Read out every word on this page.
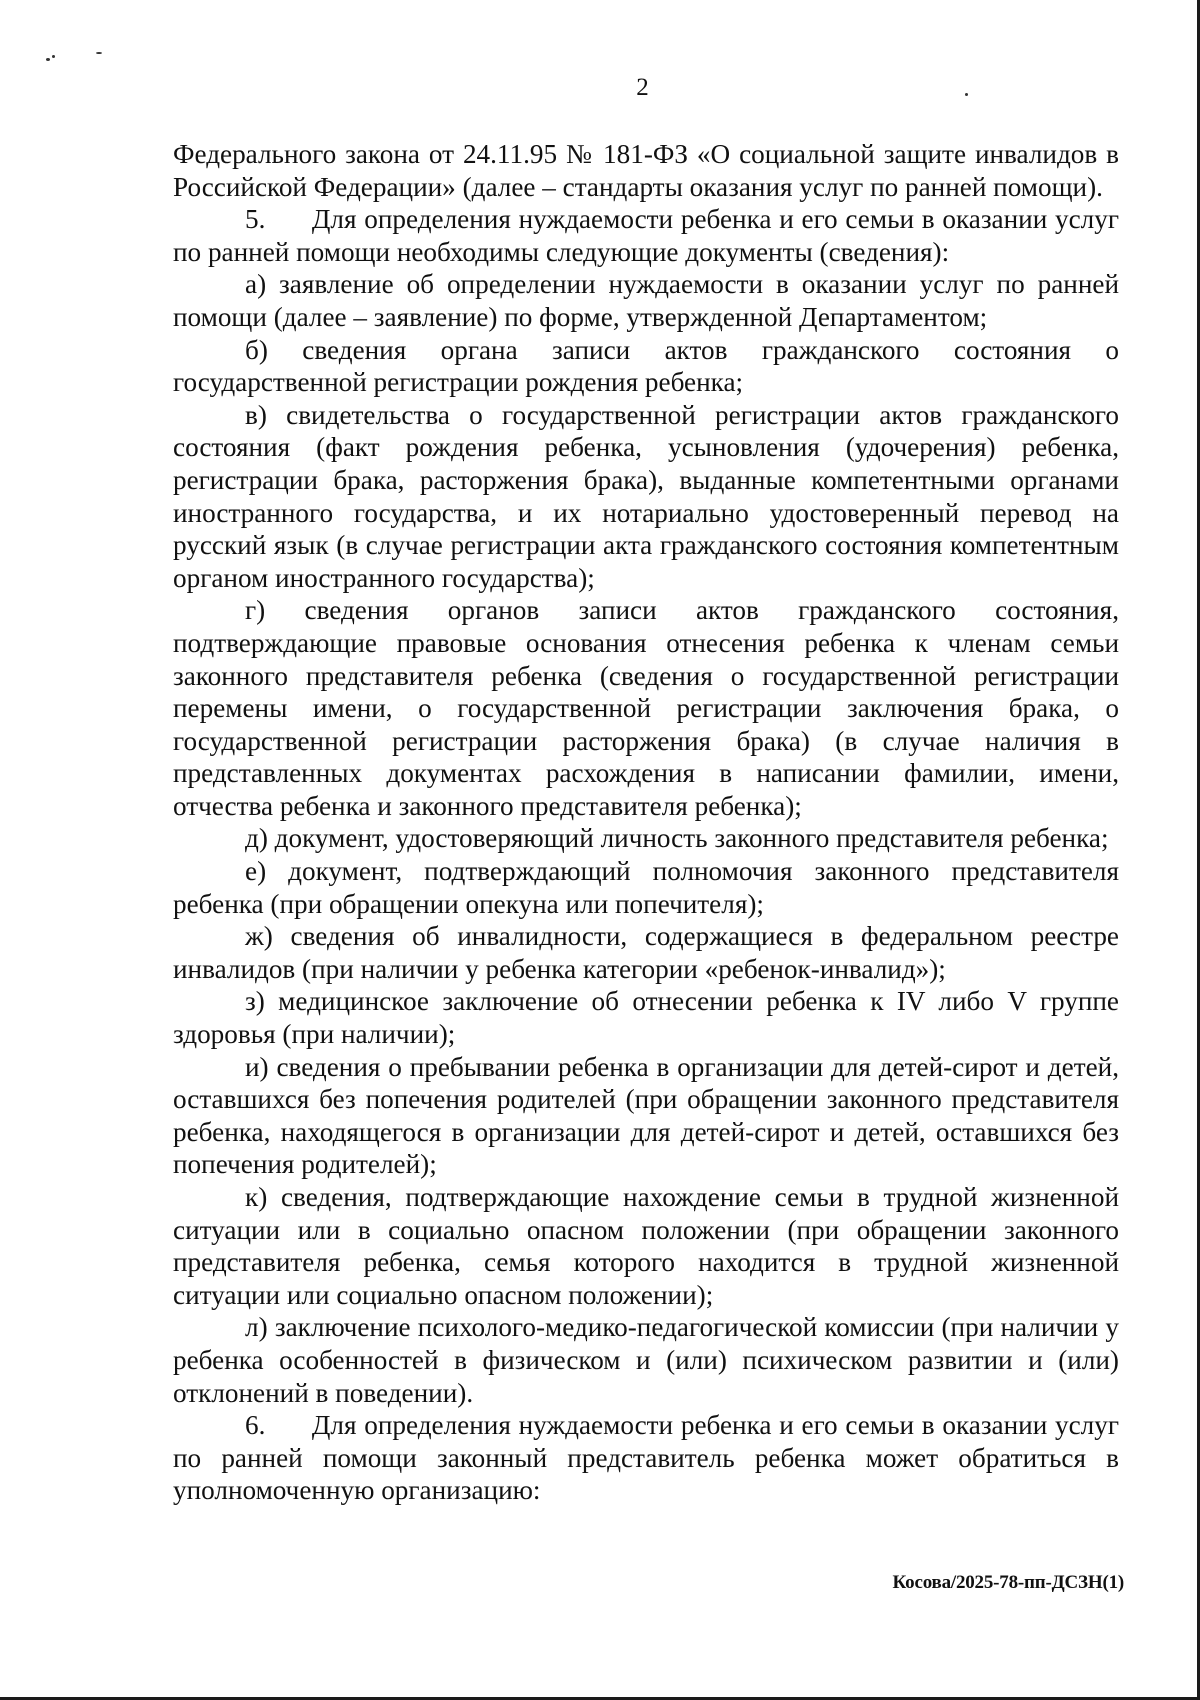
2

Федерального закона от 24.11.95 № 181-ФЗ «О социальной защите инвалидов в Российской Федерации» (далее – стандарты оказания услуг по ранней помощи).

5.      Для определения нуждаемости ребенка и его семьи в оказании услуг по ранней помощи необходимы следующие документы (сведения):

а) заявление об определении нуждаемости в оказании услуг по ранней помощи (далее – заявление) по форме, утвержденной Департаментом;

б) сведения органа записи актов гражданского состояния о государственной регистрации рождения ребенка;

в) свидетельства о государственной регистрации актов гражданского состояния (факт рождения ребенка, усыновления (удочерения) ребенка, регистрации брака, расторжения брака), выданные компетентными органами иностранного государства, и их нотариально удостоверенный перевод на русский язык (в случае регистрации акта гражданского состояния компетентным органом иностранного государства);

г) сведения органов записи актов гражданского состояния, подтверждающие правовые основания отнесения ребенка к членам семьи законного представителя ребенка (сведения о государственной регистрации перемены имени, о государственной регистрации заключения брака, о государственной регистрации расторжения брака) (в случае наличия в представленных документах расхождения в написании фамилии, имени, отчества ребенка и законного представителя ребенка);

д) документ, удостоверяющий личность законного представителя ребенка;

е) документ, подтверждающий полномочия законного представителя ребенка (при обращении опекуна или попечителя);

ж) сведения об инвалидности, содержащиеся в федеральном реестре инвалидов (при наличии у ребенка категории «ребенок-инвалид»);

з) медицинское заключение об отнесении ребенка к IV либо V группе здоровья (при наличии);

и) сведения о пребывании ребенка в организации для детей-сирот и детей, оставшихся без попечения родителей (при обращении законного представителя ребенка, находящегося в организации для детей-сирот и детей, оставшихся без попечения родителей);

к) сведения, подтверждающие нахождение семьи в трудной жизненной ситуации или в социально опасном положении (при обращении законного представителя ребенка, семья которого находится в трудной жизненной ситуации или социально опасном положении);

л) заключение психолого-медико-педагогической комиссии (при наличии у ребенка особенностей в физическом и (или) психическом развитии и (или) отклонений в поведении).

6.      Для определения нуждаемости ребенка и его семьи в оказании услуг по ранней помощи законный представитель ребенка может обратиться в уполномоченную организацию:

Косова/2025-78-пп-ДСЗН(1)
